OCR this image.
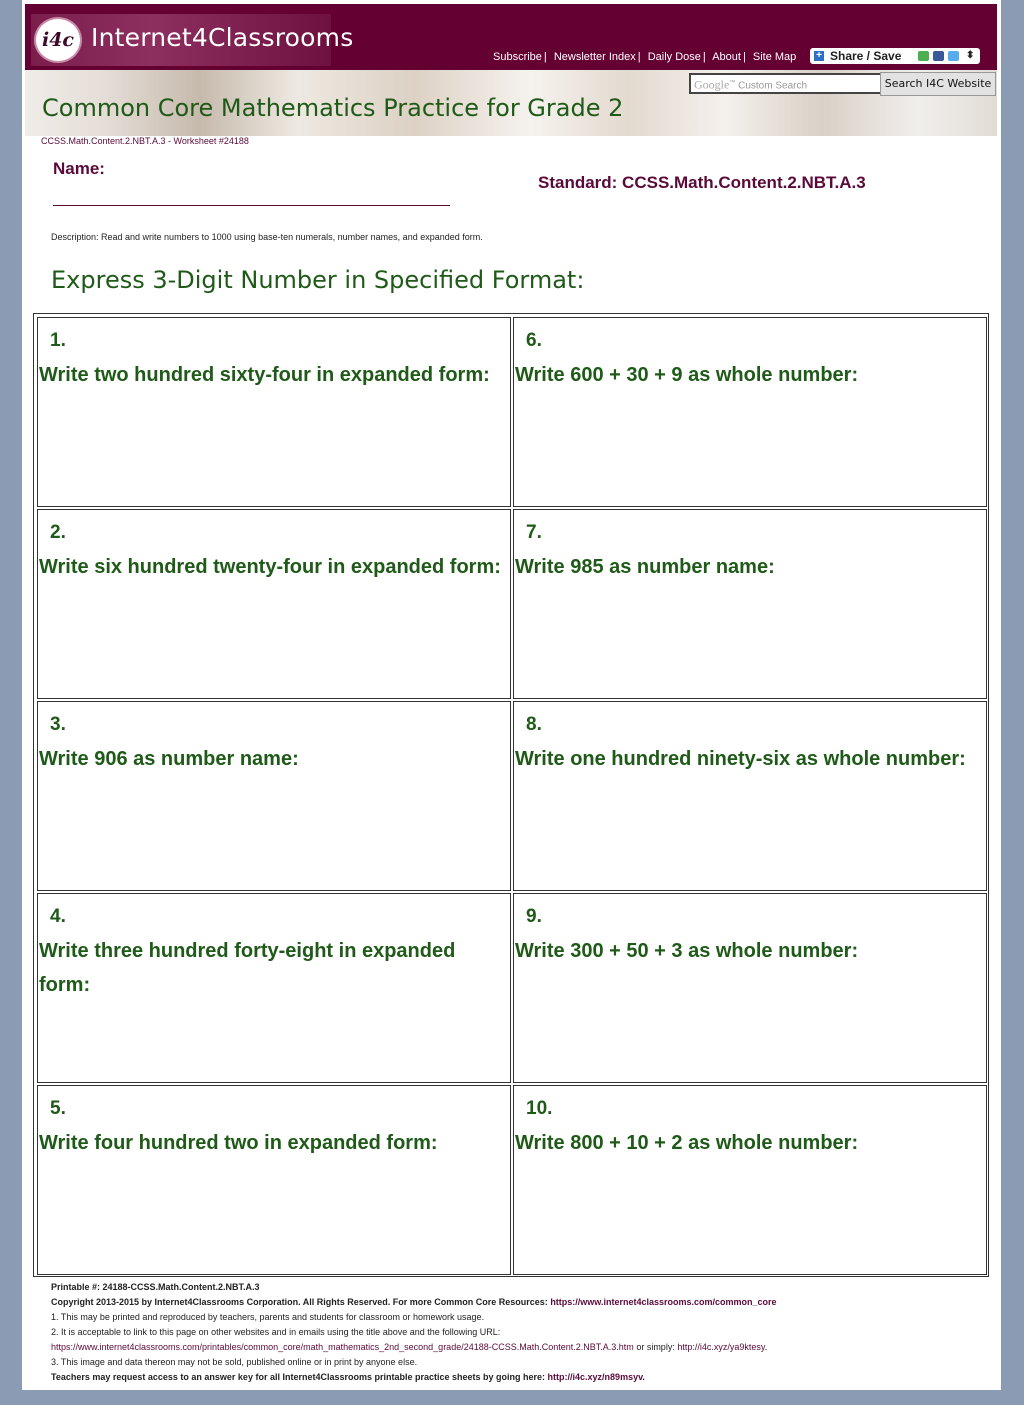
i4c Internet4Classrooms
Subscribe | Newsletter Index | Daily Dose | About | Site Map + Share / Save	⬍
Google™ Custom Search	Search I4C Website
Common Core Mathematics Practice for Grade 2
CCSS.Math.Content.2.NBT.A.3 - Worksheet #24188
Name:
Standard: CCSS.Math.Content.2.NBT.A.3
Description: Read and write numbers to 1000 using base-ten numerals, number names, and expanded form.
Express 3-Digit Number in Specified Format:
1.
Write two hundred sixty-four in expanded form:
2.
Write six hundred twenty-four in expanded form:
3.
Write 906 as number name:
4.
Write three hundred forty-eight in expanded form:
5.
Write four hundred two in expanded form:
6.
Write 600 + 30 + 9 as whole number:
7.
Write 985 as number name:
8.
Write one hundred ninety-six as whole number:
9.
Write 300 + 50 + 3 as whole number:
10.
Write 800 + 10 + 2 as whole number:
Printable #: 24188-CCSS.Math.Content.2.NBT.A.3
Copyright 2013-2015 by Internet4Classrooms Corporation. All Rights Reserved. For more Common Core Resources: https://www.internet4classrooms.com/common_core
1. This may be printed and reproduced by teachers, parents and students for classroom or homework usage.
2. It is acceptable to link to this page on other websites and in emails using the title above and the following URL:
https://www.internet4classrooms.com/printables/common_core/math_mathematics_2nd_second_grade/24188-CCSS.Math.Content.2.NBT.A.3.htm or simply: http://i4c.xyz/ya9ktesy.
3. This image and data thereon may not be sold, published online or in print by anyone else.
Teachers may request access to an answer key for all Internet4Classrooms printable practice sheets by going here: http://i4c.xyz/n89msyv.
